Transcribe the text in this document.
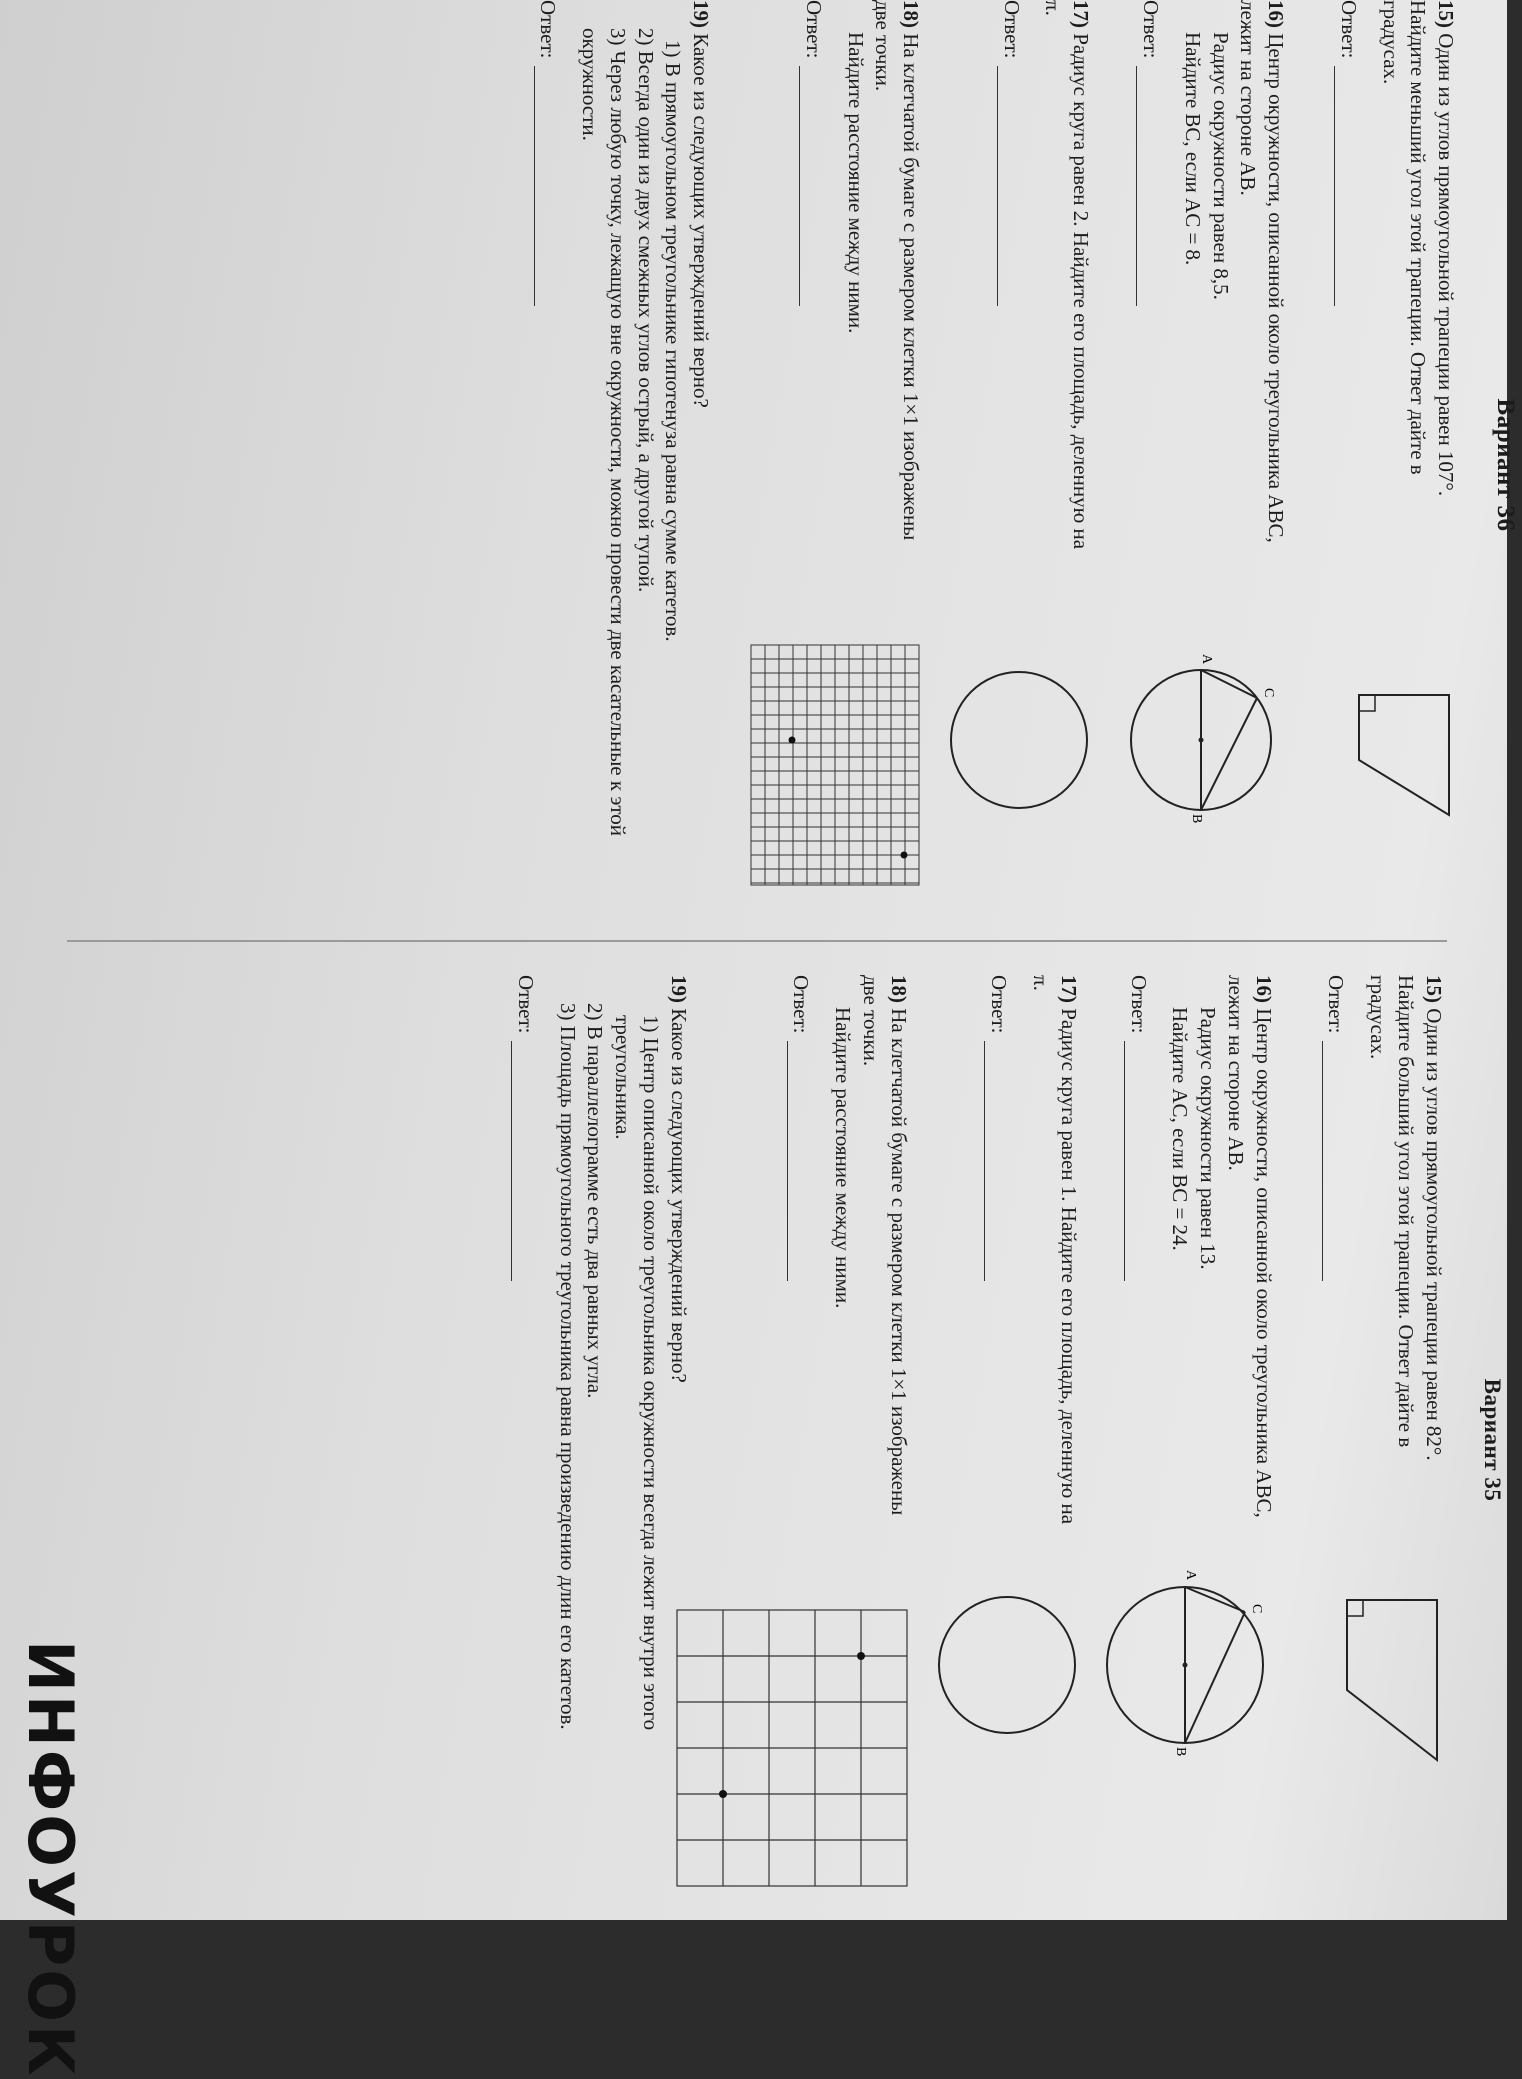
Вариант 36
15) Один из углов прямоугольной трапеции равен 107°. Найдите меньший угол этой трапеции. Ответ дайте в градусах.
Ответ:
16) Центр окружности, описанной около треугольника ABC, лежит на стороне AB.
Радиус окружности равен 8,5.
Найдите BC, если AC = 8.
Ответ:
A
B
C
17) Радиус круга равен 2. Найдите его площадь, деленную на π.
Ответ:
18) На клетчатой бумаге с размером клетки 1×1 изображены две точки.
Найдите расстояние между ними.
Ответ:
19) Какое из следующих утверждений верно?
1) В прямоугольном треугольнике гипотенуза равна сумме катетов.
2) Всегда один из двух смежных углов острый, а другой тупой.
3) Через любую точку, лежащую вне окружности, можно провести две касательные к этой окружности.
Ответ:
Вариант 35
15) Один из углов прямоугольной трапеции равен 82°. Найдите больший угол этой трапеции. Ответ дайте в градусах.
Ответ:
16) Центр окружности, описанной около треугольника ABC, лежит на стороне AB.
Радиус окружности равен 13.
Найдите AC, если BC = 24.
Ответ:
A
B
C
17) Радиус круга равен 1. Найдите его площадь, деленную на π.
Ответ:
18) На клетчатой бумаге с размером клетки 1×1 изображены две точки.
Найдите расстояние между ними.
Ответ:
19) Какое из следующих утверждений верно?
1) Центр описанной около треугольника окружности всегда лежит внутри этого треугольника.
2) В параллелограмме есть два равных угла.
3) Площадь прямоугольного треугольника равна произведению длин его катетов.
Ответ:
ИНФОУРОК
